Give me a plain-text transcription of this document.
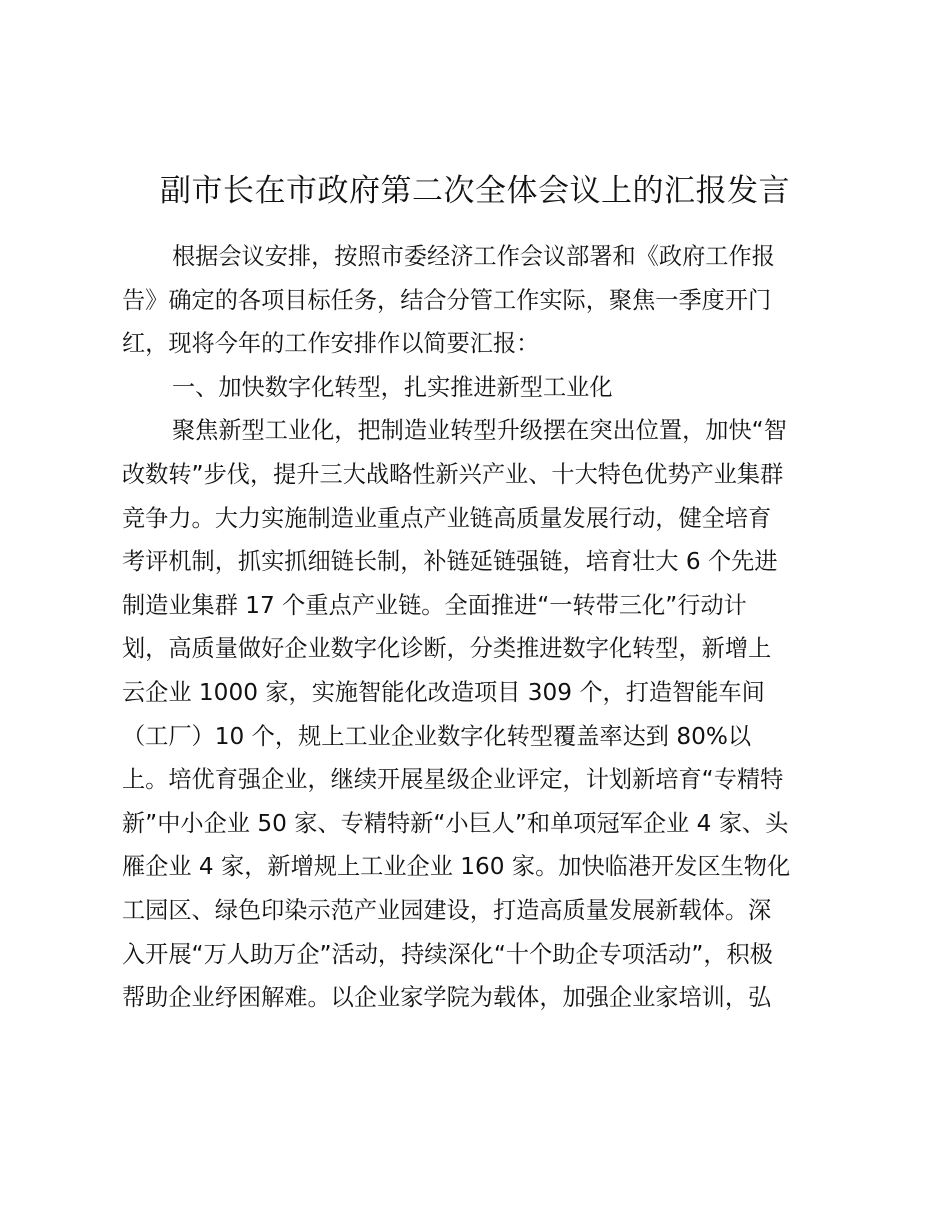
副市长在市政府第二次全体会议上的汇报发言
根据会议安排，按照市委经济工作会议部署和《政府工作报
告》确定的各项目标任务，结合分管工作实际，聚焦一季度开门
红，现将今年的工作安排作以简要汇报：
一、加快数字化转型，扎实推进新型工业化
聚焦新型工业化，把制造业转型升级摆在突出位置，加快“智
改数转”步伐，提升三大战略性新兴产业、十大特色优势产业集群
竞争力。大力实施制造业重点产业链高质量发展行动，健全培育
考评机制，抓实抓细链长制，补链延链强链，培育壮大 6 个先进
制造业集群 17 个重点产业链。全面推进“一转带三化”行动计
划，高质量做好企业数字化诊断，分类推进数字化转型，新增上
云企业 1000 家，实施智能化改造项目 309 个，打造智能车间
（工厂）10 个，规上工业企业数字化转型覆盖率达到 80%以
上。培优育强企业，继续开展星级企业评定，计划新培育“专精特
新”中小企业 50 家、专精特新“小巨人”和单项冠军企业 4 家、头
雁企业 4 家，新增规上工业企业 160 家。加快临港开发区生物化
工园区、绿色印染示范产业园建设，打造高质量发展新载体。深
入开展“万人助万企”活动，持续深化“十个助企专项活动”，积极
帮助企业纾困解难。以企业家学院为载体，加强企业家培训，弘
